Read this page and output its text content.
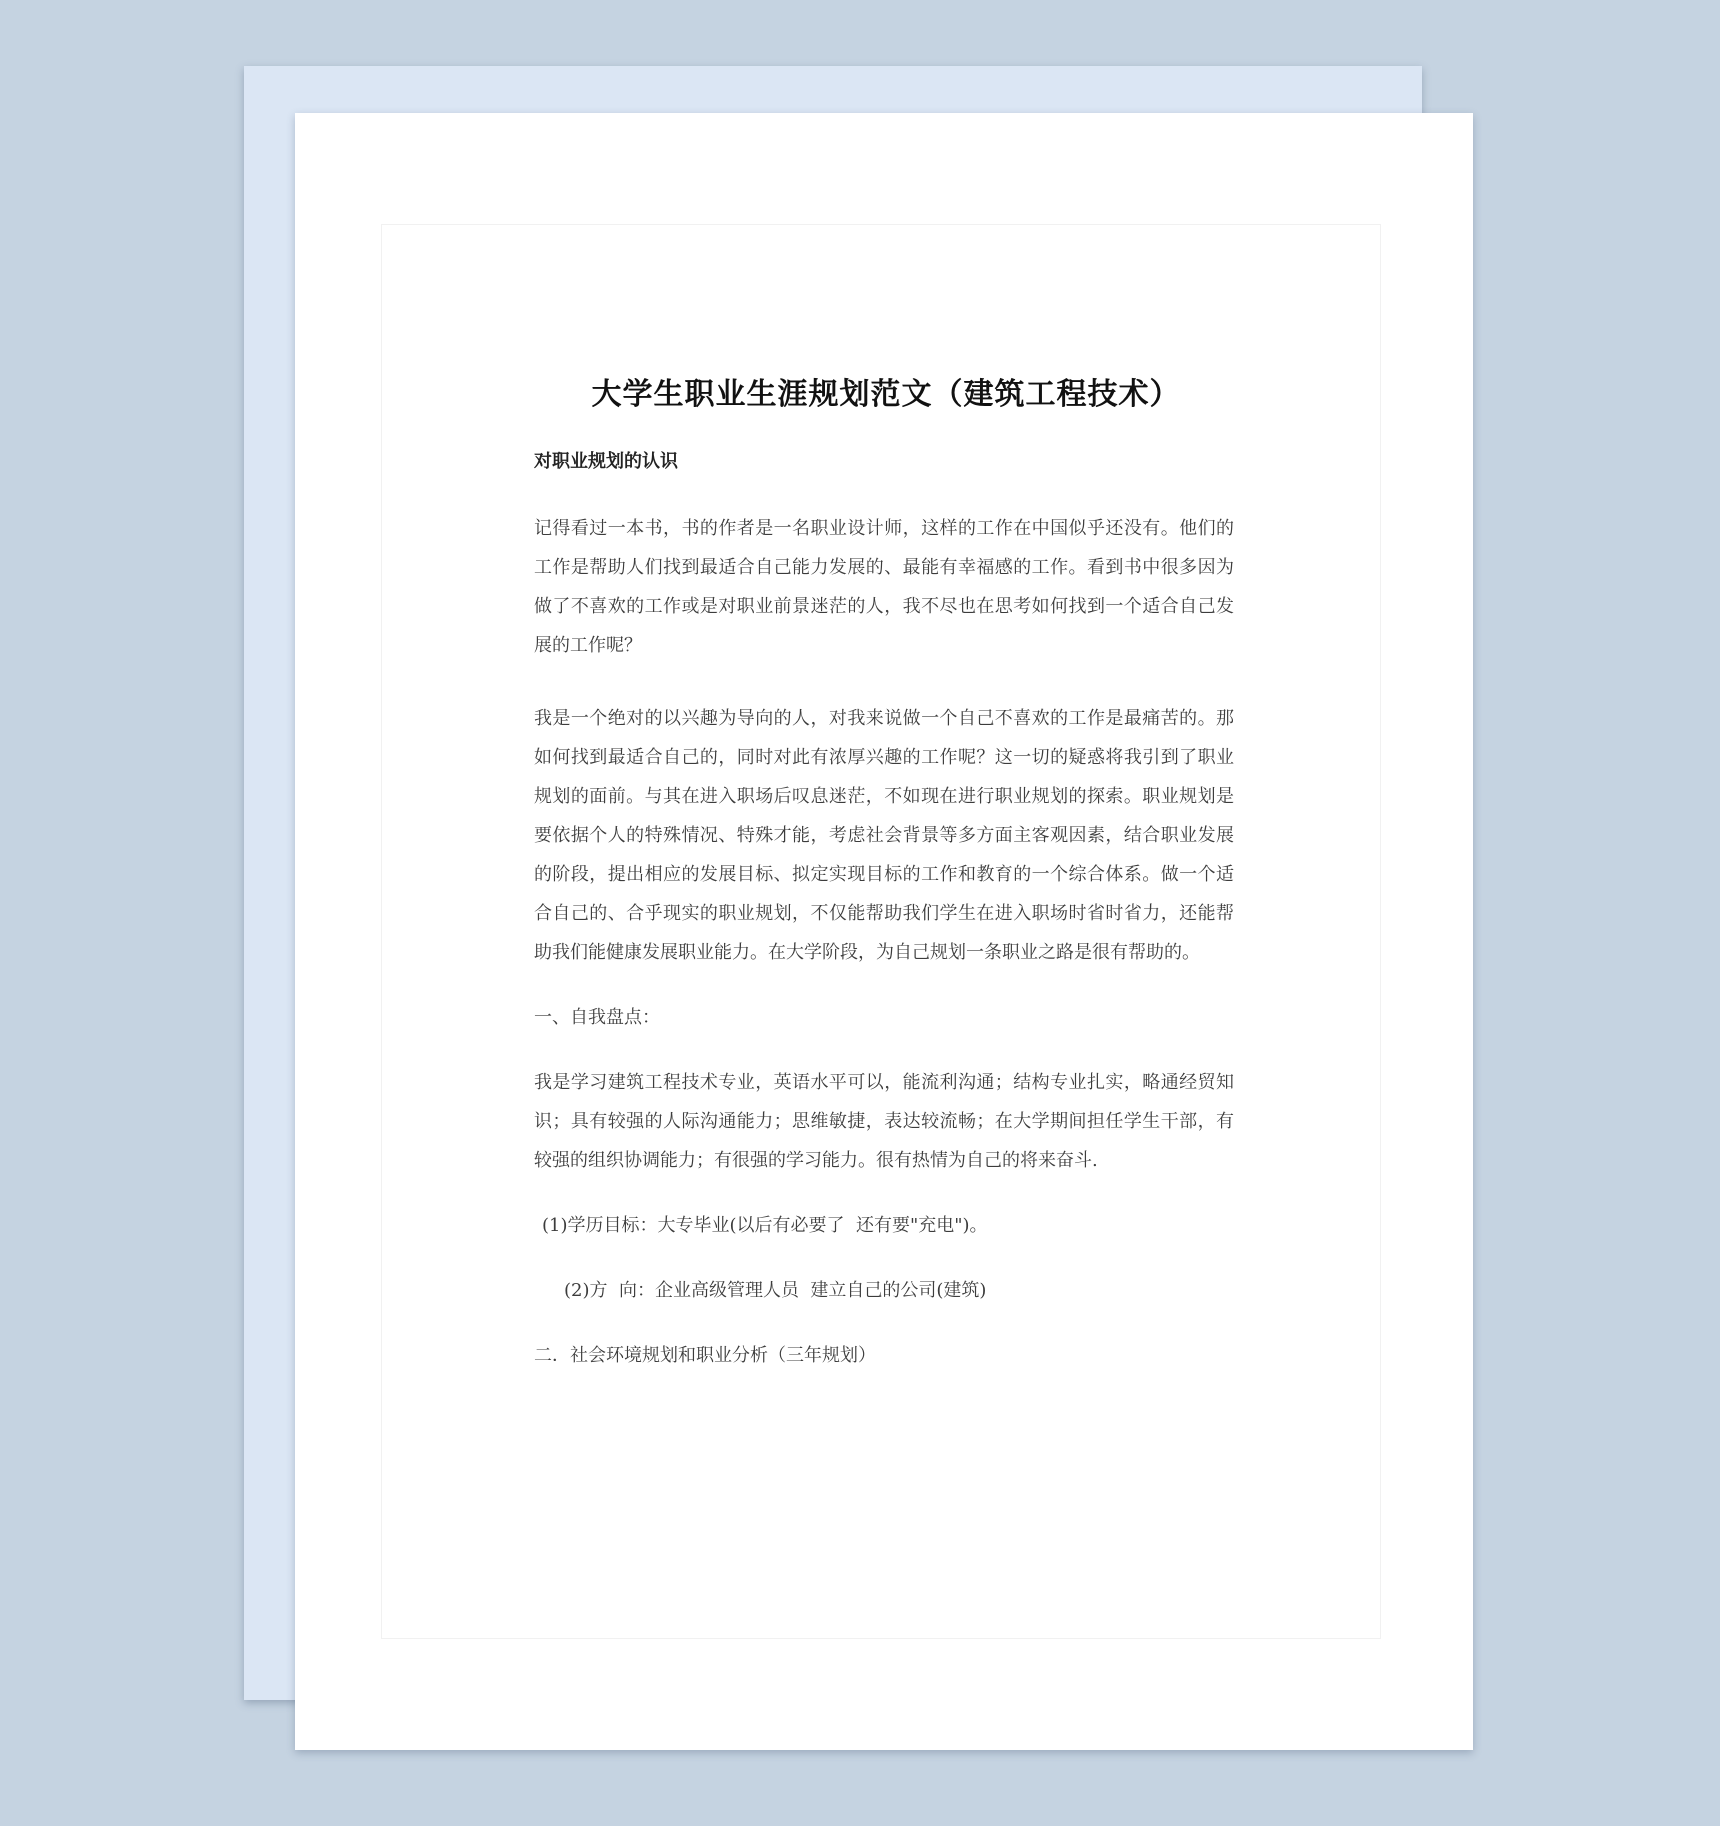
大学生职业生涯规划范文（建筑工程技术）
对职业规划的认识

记得看过一本书，书的作者是一名职业设计师，这样的工作在中国似乎还没有。他们的工作是帮助人们找到最适合自己能力发展的、最能有幸福感的工作。看到书中很多因为做了不喜欢的工作或是对职业前景迷茫的人，我不尽也在思考如何找到一个适合自己发展的工作呢？

我是一个绝对的以兴趣为导向的人，对我来说做一个自己不喜欢的工作是最痛苦的。那如何找到最适合自己的，同时对此有浓厚兴趣的工作呢？这一切的疑惑将我引到了职业规划的面前。与其在进入职场后叹息迷茫，不如现在进行职业规划的探索。职业规划是要依据个人的特殊情况、特殊才能，考虑社会背景等多方面主客观因素，结合职业发展的阶段，提出相应的发展目标、拟定实现目标的工作和教育的一个综合体系。做一个适合自己的、合乎现实的职业规划，不仅能帮助我们学生在进入职场时省时省力，还能帮助我们能健康发展职业能力。在大学阶段，为自己规划一条职业之路是很有帮助的。

一、自我盘点：

我是学习建筑工程技术专业，英语水平可以，能流利沟通；结构专业扎实，略通经贸知识；具有较强的人际沟通能力；思维敏捷，表达较流畅；在大学期间担任学生干部，有较强的组织协调能力；有很强的学习能力。很有热情为自己的将来奋斗.

(1)学历目标：大专毕业(以后有必要了  还有要"充电")。
(2)方  向：企业高级管理人员  建立自己的公司(建筑)
二．社会环境规划和职业分析（三年规划）
